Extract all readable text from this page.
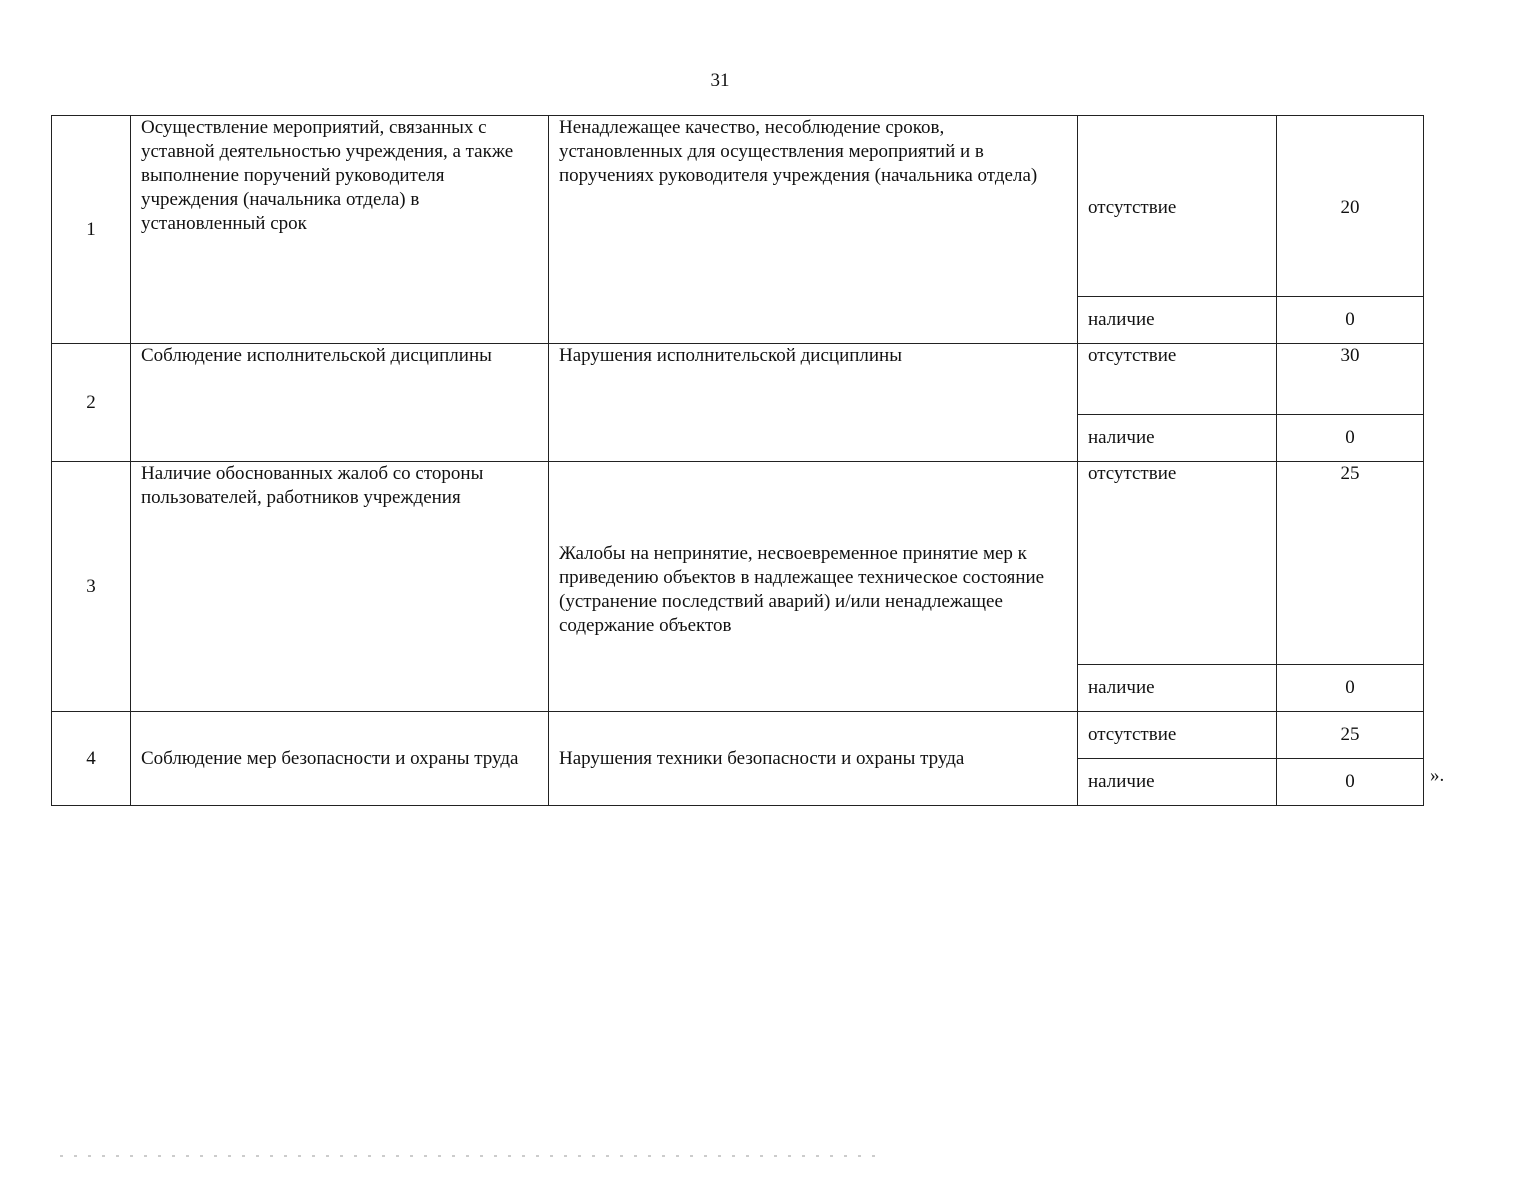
31
1	Осуществление мероприятий, связанных с уставной деятельностью учреждения, а также выполнение поручений руководителя учреждения (начальника отдела) в установленный срок	Ненадлежащее качество, несоблюдение сроков, установленных для осуществления мероприятий и в поручениях руководителя учреждения (начальника отдела)	отсутствие	20
			наличие	0
2	Соблюдение исполнительской дисциплины	Нарушения исполнительской дисциплины	отсутствие	30
			наличие	0
3	Наличие обоснованных жалоб со стороны пользователей, работников учреждения	Жалобы на непринятие, несвоевременное принятие мер к приведению объектов в надлежащее техническое состояние (устранение последствий аварий) и/или ненадлежащее содержание объектов	отсутствие	25
			наличие	0
4	Соблюдение мер безопасности и охраны труда	Нарушения техники безопасности и охраны труда	отсутствие	25
			наличие	0	».
